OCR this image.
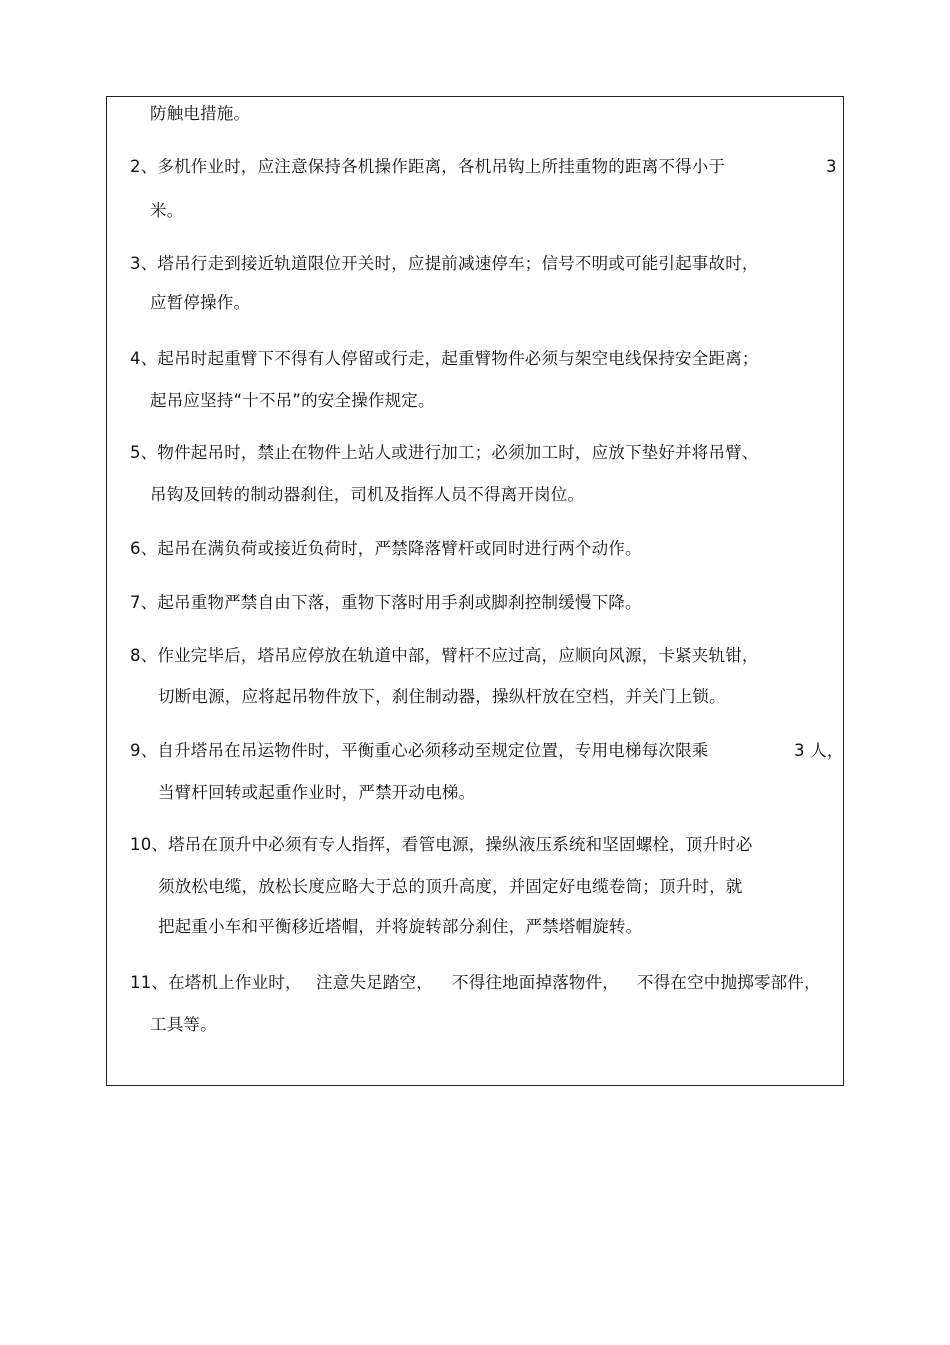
防触电措施。
2、多机作业时，应注意保持各机操作距离，各机吊钩上所挂重物的距离不得小于	3
米。
3、塔吊行走到接近轨道限位开关时，应提前减速停车；信号不明或可能引起事故时，
应暂停操作。
4、起吊时起重臂下不得有人停留或行走，起重臂物件必须与架空电线保持安全距离；
起吊应坚持“十不吊”的安全操作规定。
5、物件起吊时，禁止在物件上站人或进行加工；必须加工时，应放下垫好并将吊臂、
吊钩及回转的制动器刹住，司机及指挥人员不得离开岗位。
6、起吊在满负荷或接近负荷时，严禁降落臂杆或同时进行两个动作。
7、起吊重物严禁自由下落，重物下落时用手刹或脚刹控制缓慢下降。
8、作业完毕后，塔吊应停放在轨道中部，臂杆不应过高，应顺向风源，卡紧夹轨钳，
切断电源，应将起吊物件放下，刹住制动器，操纵杆放在空档，并关门上锁。
9、自升塔吊在吊运物件时，平衡重心必须移动至规定位置，专用电梯每次限乘	3 人，
当臂杆回转或起重作业时，严禁开动电梯。
10、塔吊在顶升中必须有专人指挥，看管电源，操纵液压系统和坚固螺栓，顶升时必
须放松电缆，放松长度应略大于总的顶升高度，并固定好电缆卷筒；顶升时，就
把起重小车和平衡移近塔帽，并将旋转部分刹住，严禁塔帽旋转。
11、在塔机上作业时， 注意失足踏空， 不得往地面掉落物件， 不得在空中抛掷零部件，
工具等。
